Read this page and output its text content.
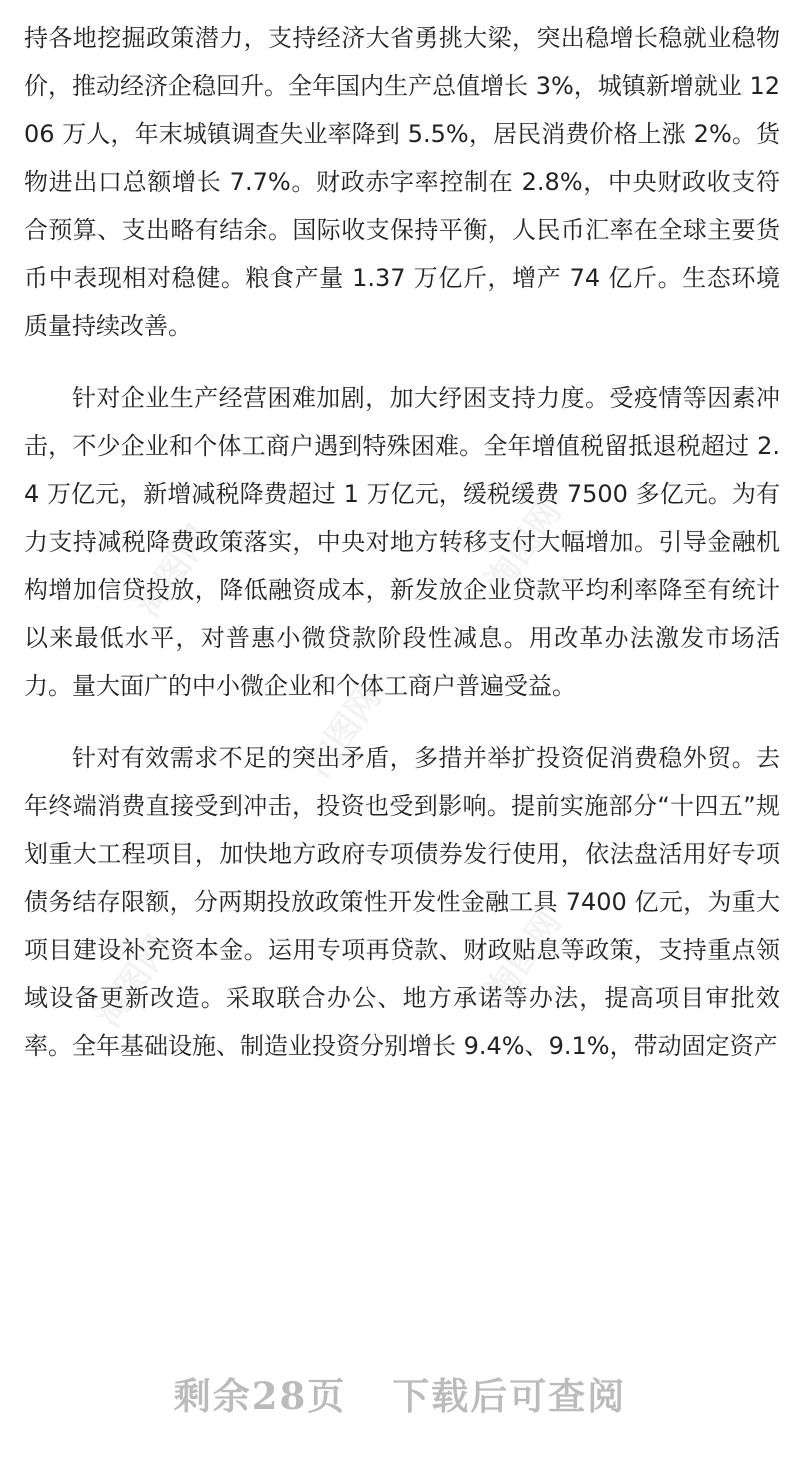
淘图网	淘图网
淘图网
淘图网	淘图网

持各地挖掘政策潜力，支持经济大省勇挑大梁，突出稳增长稳就业稳物价，推动经济企稳回升。全年国内生产总值增长 3%，城镇新增就业 1206 万人，年末城镇调查失业率降到 5.5%，居民消费价格上涨 2%。货物进出口总额增长 7.7%。财政赤字率控制在 2.8%，中央财政收支符合预算、支出略有结余。国际收支保持平衡，人民币汇率在全球主要货币中表现相对稳健。粮食产量 1.37 万亿斤，增产 74 亿斤。生态环境质量持续改善。

针对企业生产经营困难加剧，加大纾困支持力度。受疫情等因素冲击，不少企业和个体工商户遇到特殊困难。全年增值税留抵退税超过 2.4 万亿元，新增减税降费超过 1 万亿元，缓税缓费 7500 多亿元。为有力支持减税降费政策落实，中央对地方转移支付大幅增加。引导金融机构增加信贷投放，降低融资成本，新发放企业贷款平均利率降至有统计以来最低水平，对普惠小微贷款阶段性减息。用改革办法激发市场活力。量大面广的中小微企业和个体工商户普遍受益。

针对有效需求不足的突出矛盾，多措并举扩投资促消费稳外贸。去年终端消费直接受到冲击，投资也受到影响。提前实施部分“十四五”规划重大工程项目，加快地方政府专项债券发行使用，依法盘活用好专项债务结存限额，分两期投放政策性开发性金融工具 7400 亿元，为重大项目建设补充资本金。运用专项再贷款、财政贴息等政策，支持重点领域设备更新改造。采取联合办公、地方承诺等办法，提高项目审批效率。全年基础设施、制造业投资分别增长 9.4%、9.1%，带动固定资产

剩余28页 下载后可查阅
